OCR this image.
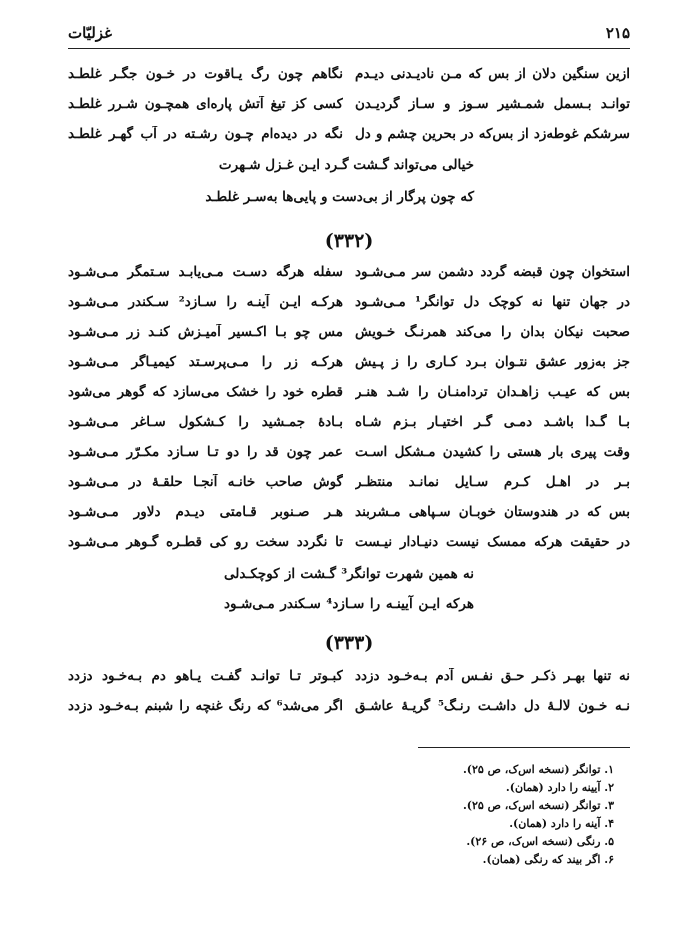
۲۱۵
غزلیّات
ازین سنگین دلان از بس که مـن نادیـدنی دیـدم
نگاهم چون رگ یـاقوت در خـون جگـر غلطـد
توانـد بـسمل شمـشیر سـوز و سـاز گردیـدن
کسی کز تیغ آتش پاره‌ای همچـون شـرر غلطـد
سرشکم غوطه‌زد از بس‌که در بحرین چشم و دل
نگه در دیده‌ام چـون رشـته در آب گهـر غلطـد
خیالی می‌تواند گـشت گـرد ایـن غـزل شـهرت
که چون پرگار از بی‌دست و پایی‌ها به‌سـر غلطـد
(۳۳۲)
استخوان چون قبضه گردد دشمن سر مـی‌شـود
سفله هرگه دسـت مـی‌یابـد سـتمگر مـی‌شـود
در جهان تنها نه کوچک دل توانگر¹ مـی‌شـود
هرکـه ایـن آینـه را سـازد² سـکندر مـی‌شـود
صحبت نیکان بدان را می‌کند همرنـگ خـویش
مس چو بـا اکـسیر آمیـزش کنـد زر مـی‌شـود
جز به‌زور عشق نتـوان بـرد کـاری را ز پـیش
هرکـه زر را مـی‌پرسـتد کیمیـاگر مـی‌شـود
بس که عیـب زاهـدان تردامنـان را شـد هنـر
قطره خود را خشک می‌سازد که گوهر می‌شود
بـا گـدا باشـد دمـی گـر اختیـار بـزم شـاه
بـادهٔ جمـشید را کـشکول سـاغر مـی‌شـود
وقت پیری بار هستی را کشیدن مـشکل اسـت
عمر چون قد را دو تـا سـازد مکـرّر مـی‌شـود
بـر در اهـل کـرم سـایل نمانـد منتظـر
گوش صاحب خانـه آنجـا حلقـهٔ در مـی‌شـود
بس که در هندوستان خوبـان سـپاهی مـشربند
هـر صـنوبر قـامتی دیـدم دلاور مـی‌شـود
در حقیقت هرکه ممسک نیست دنیـادار نیـست
تا نگردد سخت رو کی قطـره گـوهر مـی‌شـود
نه همین شهرت توانگر³ گـشت از کوچکـدلی
هرکه ایـن آیینـه را سـازد⁴ سـکندر مـی‌شـود
(۳۳۳)
نه تنها بهـر ذکـر حـق نفـس آدم بـه‌خـود دزدد
کبـوتر تـا توانـد گفـت یـاهو دم بـه‌خـود دزدد
نـه خـون لالـهٔ دل داشـت رنـگ⁵ گریـهٔ عاشـق
اگر می‌شد⁶ که رنگ غنچه را شبنم بـه‌خـود دزدد
۱. توانگر (نسخه اس‌ک، ص ۲۵).
۲. آیینه را دارد (همان).
۳. توانگر (نسخه اس‌ک، ص ۲۵).
۴. آینه را دارد (همان).
۵. رنگی (نسخه اس‌ک، ص ۲۶).
۶. اگر بیند که رنگی (همان).
